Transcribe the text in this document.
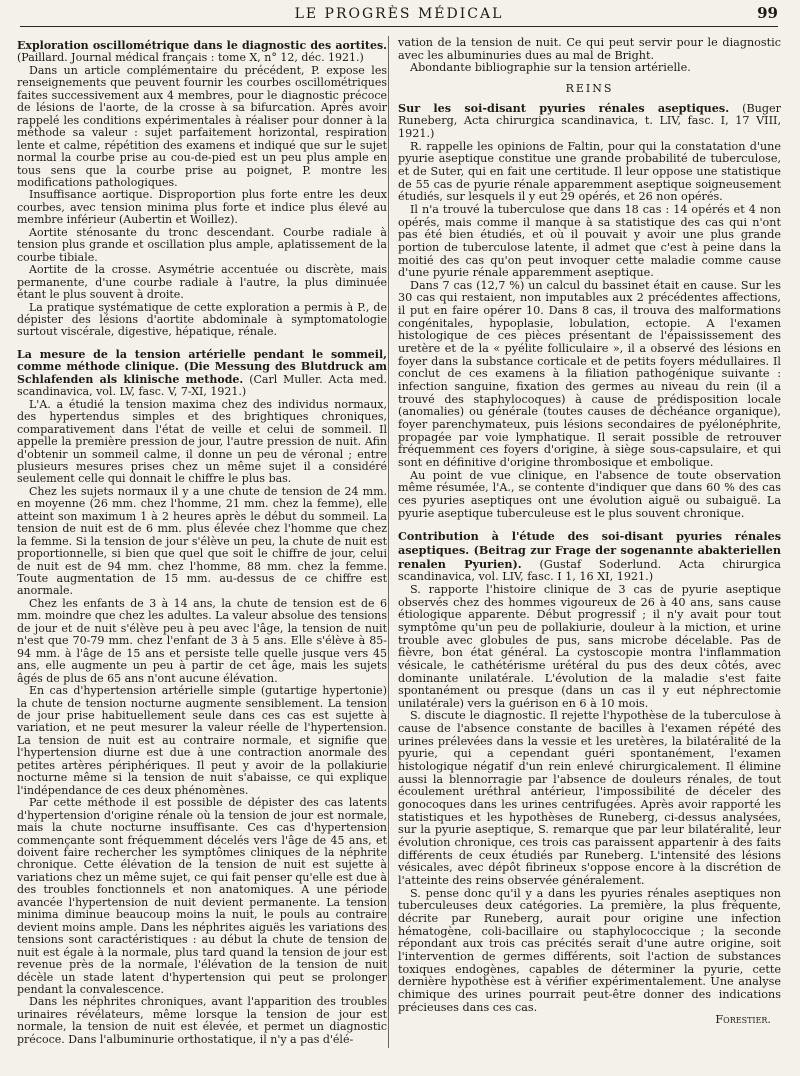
LE PROGRÈS MÉDICAL	99

Exploration oscillométrique dans le diagnostic des aortites. (Paillard. Journal médical français : tome X, n° 12, déc. 1921.)

Dans un article complémentaire du précédent, P. expose les renseignements que peuvent fournir les courbes oscillométriques faites successivement aux 4 membres, pour le diagnostic précoce de lésions de l'aorte, de la crosse à sa bifurcation. Après avoir rappelé les conditions expérimentales à réaliser pour donner à la méthode sa valeur : sujet parfaitement horizontal, respiration lente et calme, répétition des examens et indiqué que sur le sujet normal la courbe prise au cou-de-pied est un peu plus ample en tous sens que la courbe prise au poignet, P. montre les modifications pathologiques.

Insuffisance aortique. Disproportion plus forte entre les deux courbes, avec tension minima plus forte et indice plus élevé au membre inférieur (Aubertin et Woillez).

Aortite sténosante du tronc descendant. Courbe radiale à tension plus grande et oscillation plus ample, aplatissement de la courbe tibiale.

Aortite de la crosse. Asymétrie accentuée ou discrète, mais permanente, d'une courbe radiale à l'autre, la plus diminuée étant le plus souvent à droite.

La pratique systématique de cette exploration a permis à P., de dépister des lésions d'aortite abdominale à symptomatologie surtout viscérale, digestive, hépatique, rénale.

La mesure de la tension artérielle pendant le sommeil, comme méthode clinique. (Die Messung des Blutdruck am Schlafenden als klinische methode. (Carl Muller. Acta med. scandinavica, vol. LV, fasc. V, 7-XI, 1921.)

L'A. a étudié la tension maxima chez des individus normaux, des hypertendus simples et des brightiques chroniques, comparativement dans l'état de veille et celui de sommeil. Il appelle la première pression de jour, l'autre pression de nuit. Afin d'obtenir un sommeil calme, il donne un peu de véronal ; entre plusieurs mesures prises chez un même sujet il a considéré seulement celle qui donnait le chiffre le plus bas.

Chez les sujets normaux il y a une chute de tension de 24 mm. en moyenne (26 mm. chez l'homme, 21 mm. chez la femme), elle atteint son maximum 1 à 2 heures après le début du sommeil. La tension de nuit est de 6 mm. plus élevée chez l'homme que chez la femme. Si la tension de jour s'élève un peu, la chute de nuit est proportionnelle, si bien que quel que soit le chiffre de jour, celui de nuit est de 94 mm. chez l'homme, 88 mm. chez la femme. Toute augmentation de 15 mm. au-dessus de ce chiffre est anormale.

Chez les enfants de 3 à 14 ans, la chute de tension est de 6 mm. moindre que chez les adultes. La valeur absolue des tensions de jour et de nuit s'élève peu à peu avec l'âge, la tension de nuit n'est que 70-79 mm. chez l'enfant de 3 à 5 ans. Elle s'élève à 85-94 mm. à l'âge de 15 ans et persiste telle quelle jusque vers 45 ans, elle augmente un peu à partir de cet âge, mais les sujets âgés de plus de 65 ans n'ont aucune élévation.

En cas d'hypertension artérielle simple (gutartige hypertonie) la chute de tension nocturne augmente sensiblement. La tension de jour prise habituellement seule dans ces cas est sujette à variation, et ne peut mesurer la valeur réelle de l'hypertension. La tension de nuit est au contraire normale, et signifie que l'hypertension diurne est due à une contraction anormale des petites artères périphériques. Il peut y avoir de la pollakiurie nocturne même si la tension de nuit s'abaisse, ce qui explique l'indépendance de ces deux phénomènes.

Par cette méthode il est possible de dépister des cas latents d'hypertension d'origine rénale où la tension de jour est normale, mais la chute nocturne insuffisante. Ces cas d'hypertension commençante sont fréquemment décelés vers l'âge de 45 ans, et doivent faire rechercher les symptômes cliniques de la néphrite chronique. Cette élévation de la tension de nuit est sujette à variations chez un même sujet, ce qui fait penser qu'elle est due à des troubles fonctionnels et non anatomiques. A une période avancée l'hypertension de nuit devient permanente. La tension minima diminue beaucoup moins la nuit, le pouls au contraire devient moins ample. Dans les néphrites aiguës les variations des tensions sont caractéristiques : au début la chute de tension de nuit est égale à la normale, plus tard quand la tension de jour est revenue près de la normale, l'élévation de la tension de nuit décèle un stade latent d'hypertension qui peut se prolonger pendant la convalescence.

Dans les néphrites chroniques, avant l'apparition des troubles urinaires révélateurs, même lorsque la tension de jour est normale, la tension de nuit est élevée, et permet un diagnostic précoce. Dans l'albuminurie orthostatique, il n'y a pas d'élé-

vation de la tension de nuit. Ce qui peut servir pour le diagnostic avec les albuminuries dues au mal de Bright.

Abondante bibliographie sur la tension artérielle.

REINS

Sur les soi-disant pyuries rénales aseptiques. (Buger Runeberg, Acta chirurgica scandinavica, t. LIV, fasc. I, 17 VIII, 1921.)

R. rappelle les opinions de Faltin, pour qui la constatation d'une pyurie aseptique constitue une grande probabilité de tuberculose, et de Suter, qui en fait une certitude. Il leur oppose une statistique de 55 cas de pyurie rénale apparemment aseptique soigneusement étudiés, sur lesquels il y eut 29 opérés, et 26 non opérés.

Il n'a trouvé la tuberculose que dans 18 cas : 14 opérés et 4 non opérés, mais comme il manque à sa statistique des cas qui n'ont pas été bien étudiés, et où il pouvait y avoir une plus grande portion de tuberculose latente, il admet que c'est à peine dans la moitié des cas qu'on peut invoquer cette maladie comme cause d'une pyurie rénale apparemment aseptique.

Dans 7 cas (12,7 %) un calcul du bassinet était en cause. Sur les 30 cas qui restaient, non imputables aux 2 précédentes affections, il put en faire opérer 10. Dans 8 cas, il trouva des malformations congénitales, hypoplasie, lobulation, ectopie. A l'examen histologique de ces pièces présentant de l'épaississement des uretère et de la « pyélite folliculaire », il a observé des lésions en foyer dans la substance corticale et de petits foyers médullaires. Il conclut de ces examens à la filiation pathogénique suivante : infection sanguine, fixation des germes au niveau du rein (il a trouvé des staphylocoques) à cause de prédisposition locale (anomalies) ou générale (toutes causes de déchéance organique), foyer parenchymateux, puis lésions secondaires de pyélonéphrite, propagée par voie lymphatique. Il serait possible de retrouver fréquemment ces foyers d'origine, à siège sous-capsulaire, et qui sont en définitive d'origine thrombosique et embolique.

Au point de vue clinique, en l'absence de toute observation même résumée, l'A., se contente d'indiquer que dans 60 % des cas ces pyuries aseptiques ont une évolution aiguë ou subaiguë. La pyurie aseptique tuberculeuse est le plus souvent chronique.

Contribution à l'étude des soi-disant pyuries rénales aseptiques. (Beitrag zur Frage der sogenannte abakteriellen renalen Pyurien). (Gustaf Soderlund. Acta chirurgica scandinavica, vol. LIV, fasc. I 1, 16 XI, 1921.)

S. rapporte l'histoire clinique de 3 cas de pyurie aseptique observés chez des hommes vigoureux de 26 à 40 ans, sans cause étiologique apparente. Début progressif ; il n'y avait pour tout symptôme qu'un peu de pollakiurie, douleur à la miction, et urine trouble avec globules de pus, sans microbe décelable. Pas de fièvre, bon état général. La cystoscopie montra l'inflammation vésicale, le cathétérisme urétéral du pus des deux côtés, avec dominante unilatérale. L'évolution de la maladie s'est faite spontanément ou presque (dans un cas il y eut néphrectomie unilatérale) vers la guérison en 6 à 10 mois.

S. discute le diagnostic. Il rejette l'hypothèse de la tuberculose à cause de l'absence constante de bacilles à l'examen répété des urines prélevées dans la vessie et les uretères, la bilatéralité de la pyurie, qui a cependant guéri spontanément, l'examen histologique négatif d'un rein enlevé chirurgicalement. Il élimine aussi la blennorragie par l'absence de douleurs rénales, de tout écoulement uréthral antérieur, l'impossibilité de déceler des gonocoques dans les urines centrifugées. Après avoir rapporté les statistiques et les hypothèses de Runeberg, ci-dessus analysées, sur la pyurie aseptique, S. remarque que par leur bilatéralité, leur évolution chronique, ces trois cas paraissent appartenir à des faits différents de ceux étudiés par Runeberg. L'intensité des lésions vésicales, avec dépôt fibrineux s'oppose encore à la discrétion de l'atteinte des reins observée généralement.

S. pense donc qu'il y a dans les pyuries rénales aseptiques non tuberculeuses deux catégories. La première, la plus fréquente, décrite par Runeberg, aurait pour origine une infection hématogène, coli-bacillaire ou staphylococcique ; la seconde répondant aux trois cas précités serait d'une autre origine, soit l'intervention de germes différents, soit l'action de substances toxiques endogènes, capables de déterminer la pyurie, cette dernière hypothèse est à vérifier expérimentalement. Une analyse chimique des urines pourrait peut-être donner des indications précieuses dans ces cas.

Forestier.
